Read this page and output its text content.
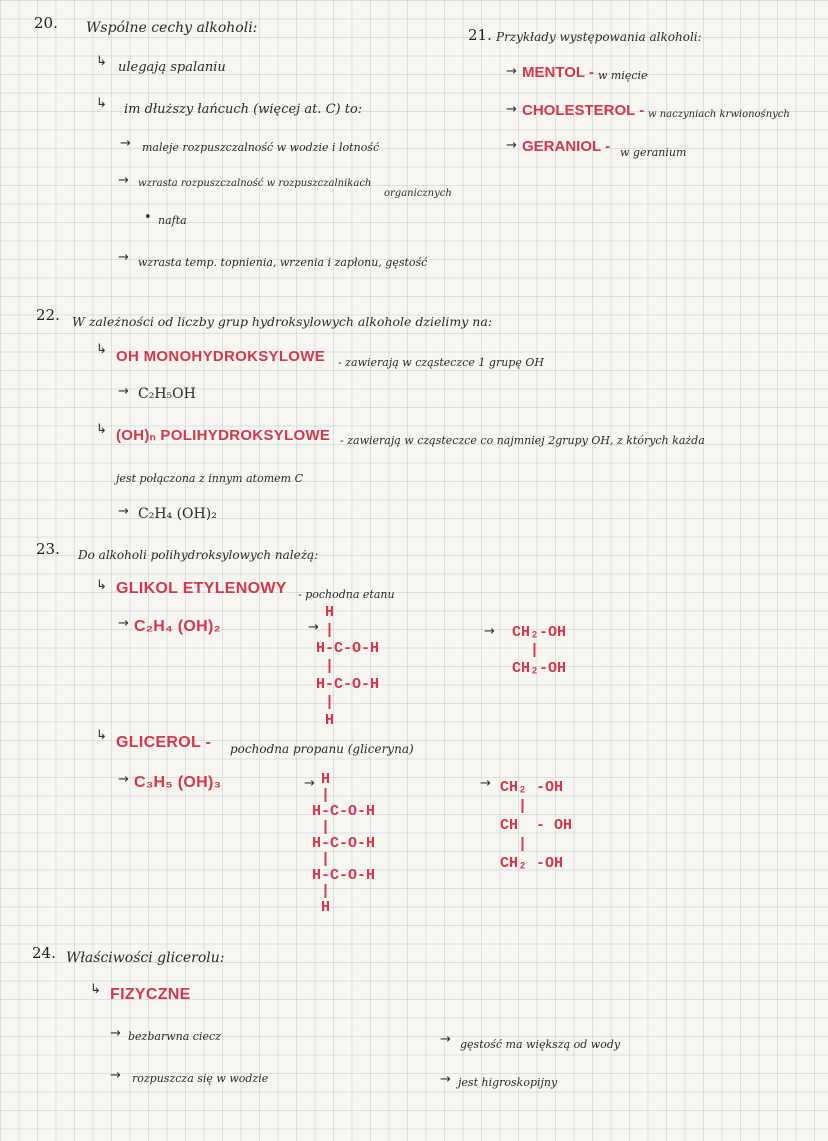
20. Wspólne cechy alkoholi:
↳ ulegają spalaniu
↳ im dłuższy łańcuch (więcej at. C) to:
→ maleje rozpuszczalność w wodzie i lotność
→ wzrasta rozpuszczalność w rozpuszczalnikach
organicznych
• nafta
→ wzrasta temp. topnienia, wrzenia i zapłonu, gęstość
21. Przykłady występowania alkoholi:
→ MENTOL - w mięcie
→ CHOLESTEROL - w naczyniach krwionośnych
→ GERANIOL - w geranium
22. W zależności od liczby grup hydroksylowych alkohole dzielimy na:
↳ OH MONOHYDROKSYLOWE - zawierają w cząsteczce 1 grupę OH
→ C₂H₅OH
↳ (OH)ₙ POLIHYDROKSYLOWE - zawierają w cząsteczce co najmniej 2grupy OH, z których każda
jest połączona z innym atomem C
→ C₂H₄ (OH)₂
23. Do alkoholi polihydroksylowych należą:
↳ GLIKOL ETYLENOWY - pochodna etanu
→ C₂H₄ (OH)₂	→
H
|
H-C-O-H
|
H-C-O-H
|
H
→ CH₂-OH
|
CH₂-OH
↳ GLICEROL - pochodna propanu (gliceryna)
→ C₃H₅ (OH)₃	→
H
|
H-C-O-H
|
H-C-O-H
|
H-C-O-H
|
H
→ CH₂ -OH
|
CH  - OH
|
CH₂ -OH
24. Właściwości glicerolu:
↳ FIZYCZNE
→ bezbarwna ciecz
→ rozpuszcza się w wodzie
→ gęstość ma większą od wody
→ jest higroskopijny
